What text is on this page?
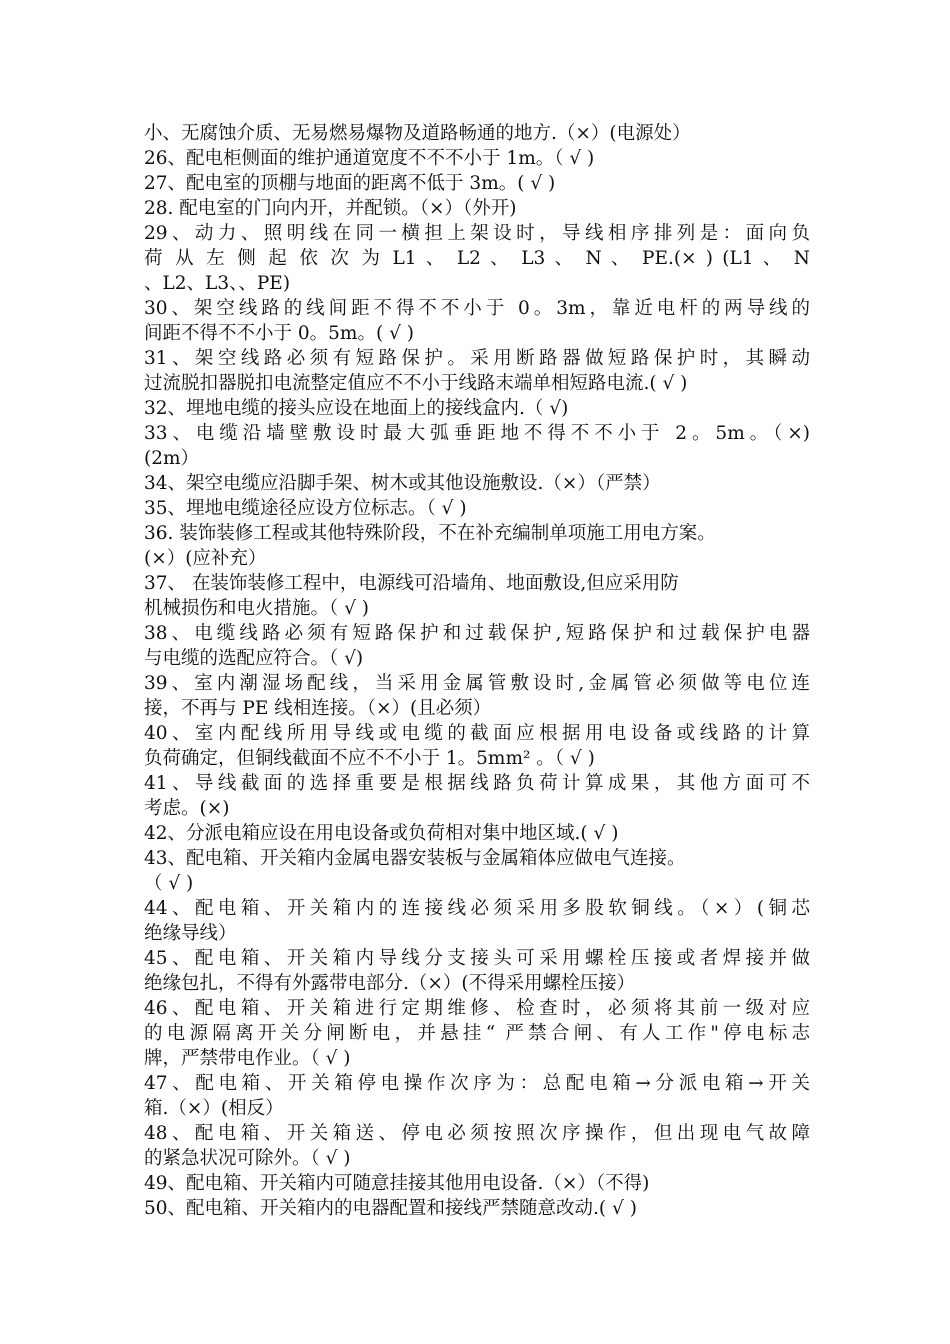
小、无腐蚀介质、无易燃易爆物及道路畅通的地方.（×）(电源处）
26、配电柜侧面的维护通道宽度不不不小于 1m。（ √ )
27、配电室的顶棚与地面的距离不低于 3m。( √ )
28. 配电室的门向内开，并配锁。（×）（外开)
29、动力、照明线在同一横担上架设时，导线相序排列是：面向负
荷 从 左 侧 起 依 次 为 L1 、 L2 、 L3 、 N 、 PE.(× ) (L1 、 N
、L2、L3、、PE)
30、架空线路的线间距不得不不小于 0。3m，靠近电杆的两导线的
间距不得不不小于 0。5m。( √ )
31、架空线路必须有短路保护。采用断路器做短路保护时，其瞬动
过流脱扣器脱扣电流整定值应不不小于线路末端单相短路电流.( √ )
32、埋地电缆的接头应设在地面上的接线盒内.（ √)
33、电缆沿墙壁敷设时最大弧垂距地不得不不小于 2。5m。（×)
(2m）
34、架空电缆应沿脚手架、树木或其他设施敷设.（×）（严禁）
35、埋地电缆途径应设方位标志。（ √ )
36. 装饰装修工程或其他特殊阶段，不在补充编制单项施工用电方案。
(×）(应补充）
37、 在装饰装修工程中，电源线可沿墙角、地面敷设,但应采用防
机械损伤和电火措施。（ √ )
38、电缆线路必须有短路保护和过载保护,短路保护和过载保护电器
与电缆的选配应符合。（ √)
39、室内潮湿场配线，当采用金属管敷设时,金属管必须做等电位连
接，不再与 PE 线相连接。（×）(且必须）
40、室内配线所用导线或电缆的截面应根据用电设备或线路的计算
负荷确定，但铜线截面不应不不小于 1。5mm² 。（ √ )
41、导线截面的选择重要是根据线路负荷计算成果，其他方面可不
考虑。(×)
42、分派电箱应设在用电设备或负荷相对集中地区域.( √ )
43、配电箱、开关箱内金属电器安装板与金属箱体应做电气连接。
（ √ )
44、配电箱、开关箱内的连接线必须采用多股软铜线。（×）(铜芯
绝缘导线）
45、配电箱、开关箱内导线分支接头可采用螺栓压接或者焊接并做
绝缘包扎，不得有外露带电部分.（×）(不得采用螺栓压接）
46、配电箱、开关箱进行定期维修、检查时，必须将其前一级对应
的电源隔离开关分闸断电，并悬挂“ 严禁合闸、有人工作"停电标志
牌，严禁带电作业。（ √ )
47、配电箱、开关箱停电操作次序为：总配电箱→分派电箱→开关
箱.（×）(相反）
48、配电箱、开关箱送、停电必须按照次序操作，但出现电气故障
的紧急状况可除外。（ √ )
49、配电箱、开关箱内可随意挂接其他用电设备.（×）（不得)
50、配电箱、开关箱内的电器配置和接线严禁随意改动.( √ )
